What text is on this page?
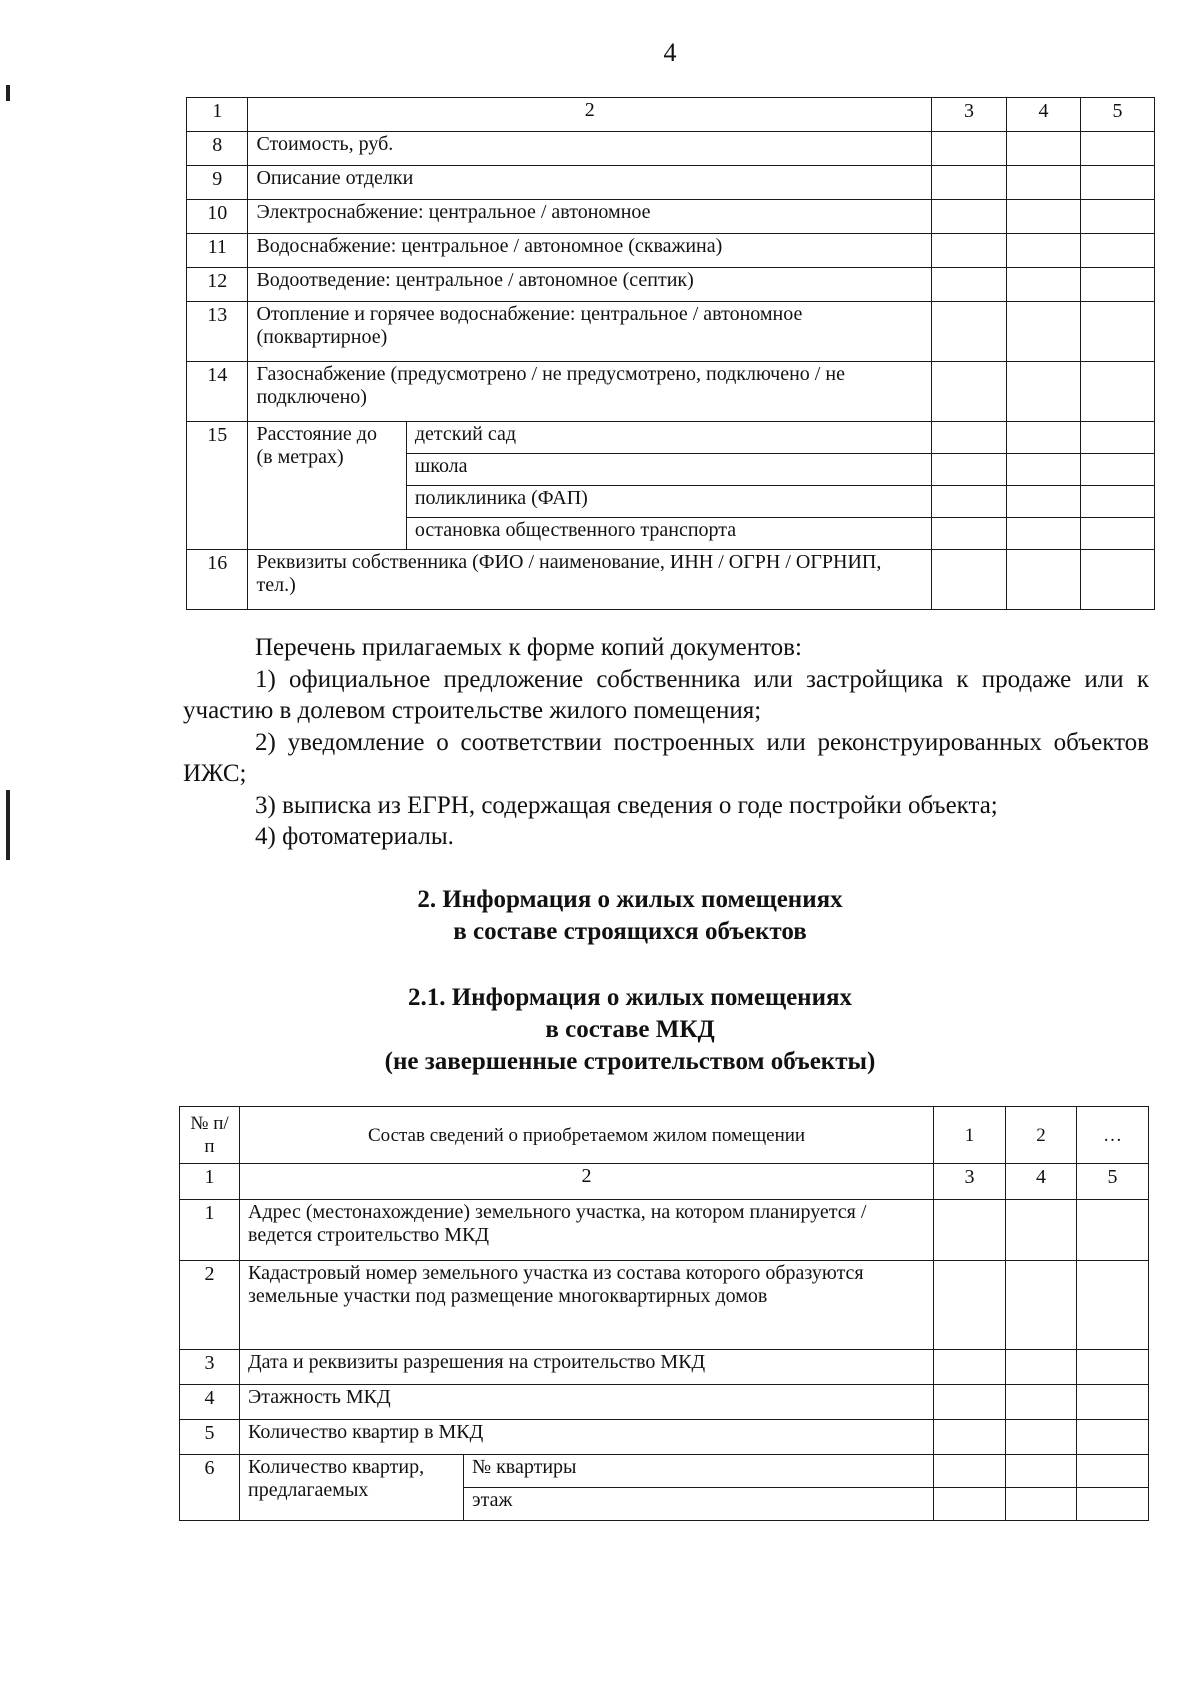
4
1	2		3	4	5
8	Стоимость, руб.				
9	Описание отделки				
10	Электроснабжение: центральное / автономное				
11	Водоснабжение: центральное / автономное (скважина)				
12	Водоотведение: центральное / автономное (септик)				
13	Отопление и горячее водоснабжение: центральное / автономное (поквартирное)				
14	Газоснабжение (предусмотрено / не предусмотрено, подключено / не подключено)				
15	Расстояние до (в метрах)	детский сад			
		школа			
		поликлиника (ФАП)			
		остановка общественного транспорта			
16	Реквизиты собственника (ФИО / наименование, ИНН / ОГРН / ОГРНИП, тел.)				
Перечень прилагаемых к форме копий документов:
1) официальное предложение собственника или застройщика к продаже или к участию в долевом строительстве жилого помещения;
2) уведомление о соответствии построенных или реконструированных объектов ИЖС;
3) выписка из ЕГРН, содержащая сведения о годе постройки объекта;
4) фотоматериалы.
2. Информация о жилых помещениях
в составе строящихся объектов
2.1. Информация о жилых помещениях
в составе МКД
(не завершенные строительством объекты)
№ п/п	Состав сведений о приобретаемом жилом помещении		1	2	…
1	2		3	4	5
1	Адрес (местонахождение) земельного участка, на котором планируется / ведется строительство МКД				
2	Кадастровый номер земельного участка из состава которого образуются земельные участки под размещение многоквартирных домов				
3	Дата и реквизиты разрешения на строительство МКД				
4	Этажность МКД				
5	Количество квартир в МКД				
6	Количество квартир, предлагаемых	№ квартиры			
		этаж			
